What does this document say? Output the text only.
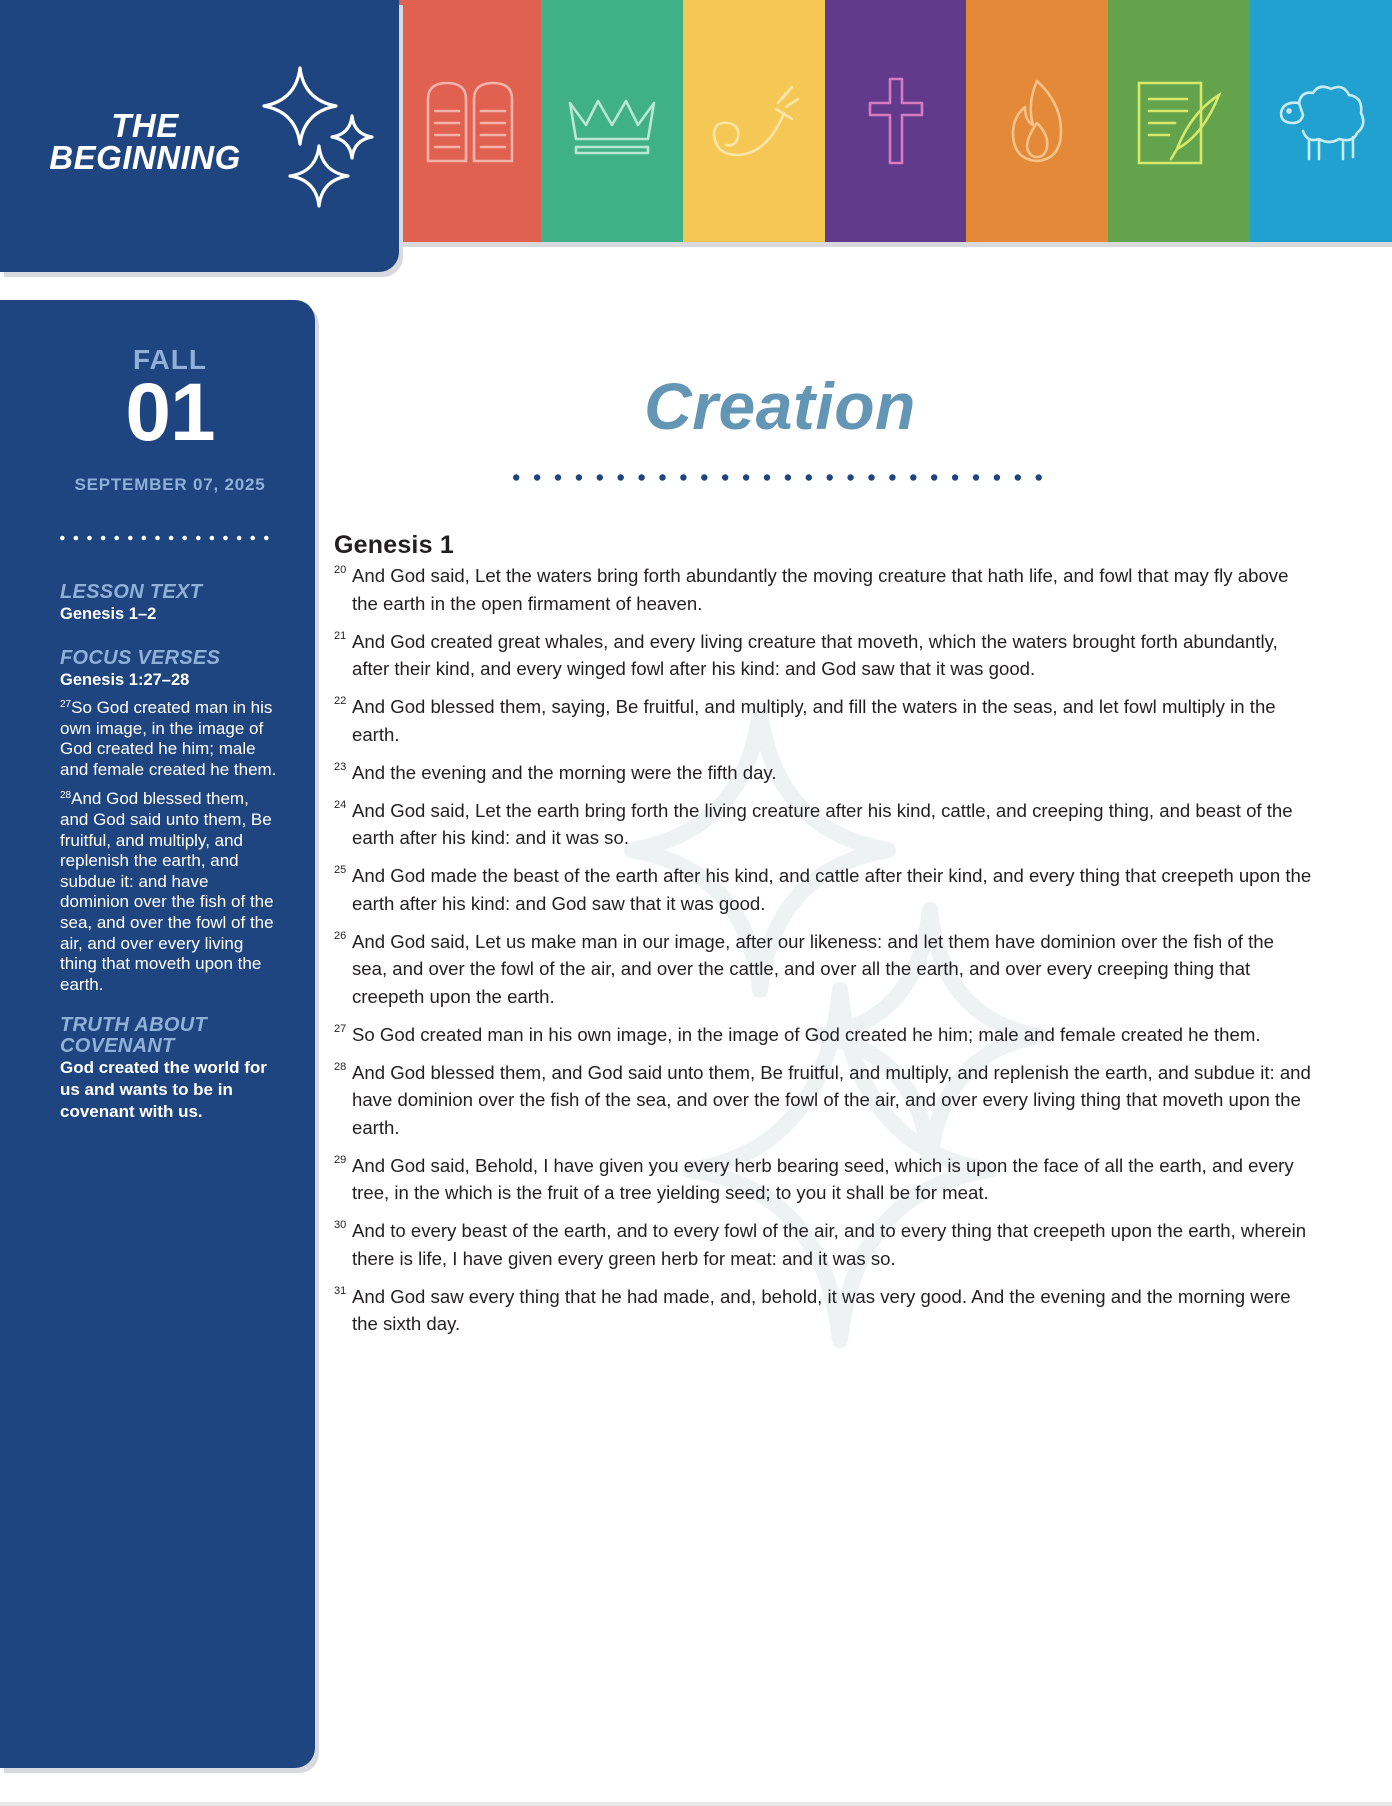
THE
BEGINNING
FALL
01
SEPTEMBER 07, 2025
LESSON TEXT
Genesis 1–2
FOCUS VERSES
Genesis 1:27–28

$^{27}$So God created man in his own image, in the image of God created he him; male and female created he them.

$^{28}$And God blessed them, and God said unto them, Be fruitful, and multiply, and replenish the earth, and subdue it: and have dominion over the fish of the sea, and over the fowl of the air, and over every living thing that moveth upon the earth.

TRUTH ABOUT COVENANT
God created the world for us and wants to be in covenant with us.
Creation
Genesis 1
20 And God said, Let the waters bring forth abundantly the moving creature that hath life, and fowl that may fly above the earth in the open firmament of heaven.
21 And God created great whales, and every living creature that moveth, which the waters brought forth abundantly, after their kind, and every winged fowl after his kind: and God saw that it was good.
22 And God blessed them, saying, Be fruitful, and multiply, and fill the waters in the seas, and let fowl multiply in the earth.
23 And the evening and the morning were the fifth day.
24 And God said, Let the earth bring forth the living creature after his kind, cattle, and creeping thing, and beast of the earth after his kind: and it was so.
25 And God made the beast of the earth after his kind, and cattle after their kind, and every thing that creepeth upon the earth after his kind: and God saw that it was good.
26 And God said, Let us make man in our image, after our likeness: and let them have dominion over the fish of the sea, and over the fowl of the air, and over the cattle, and over all the earth, and over every creeping thing that creepeth upon the earth.
27 So God created man in his own image, in the image of God created he him; male and female created he them.
28 And God blessed them, and God said unto them, Be fruitful, and multiply, and replenish the earth, and subdue it: and have dominion over the fish of the sea, and over the fowl of the air, and over every living thing that moveth upon the earth.
29 And God said, Behold, I have given you every herb bearing seed, which is upon the face of all the earth, and every tree, in the which is the fruit of a tree yielding seed; to you it shall be for meat.
30 And to every beast of the earth, and to every fowl of the air, and to every thing that creepeth upon the earth, wherein there is life, I have given every green herb for meat: and it was so.
31 And God saw every thing that he had made, and, behold, it was very good. And the evening and the morning were the sixth day.
